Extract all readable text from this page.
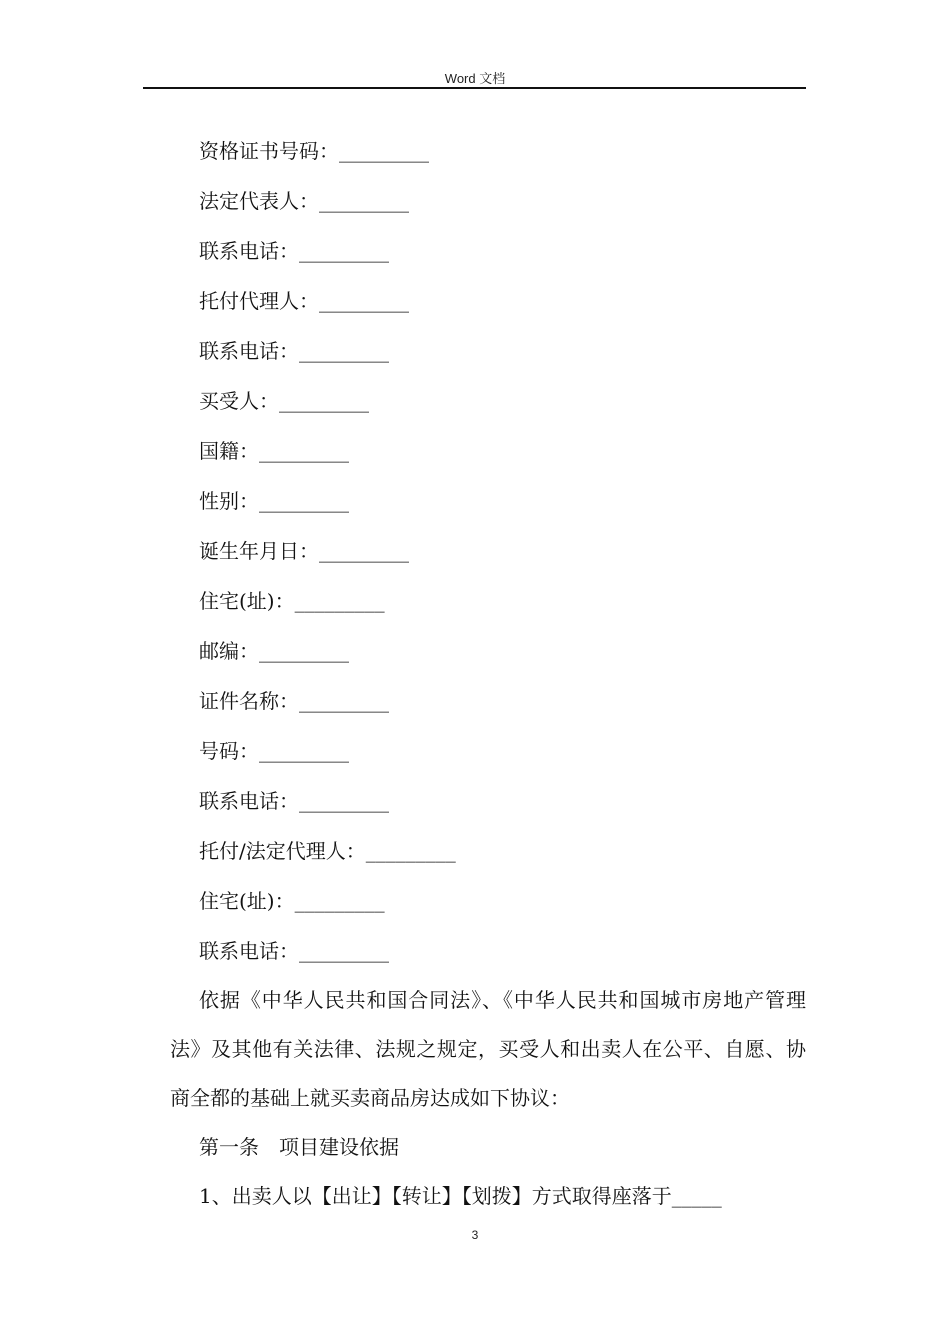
Word 文档

资格证书号码：_________

法定代表人：_________

联系电话：_________

托付代理人：_________

联系电话：_________

买受人：_________

国籍：_________

性别：_________

诞生年月日：_________

住宅(址)：_________

邮编：_________

证件名称：_________

号码：_________

联系电话：_________

托付/法定代理人：_________

住宅(址)：_________

联系电话：_________

依据《中华人民共和国合同法》、《中华人民共和国城市房地产管理法》及其他有关法律、法规之规定，买受人和出卖人在公平、自愿、协商全都的基础上就买卖商品房达成如下协议：

第一条　项目建设依据

1、出卖人以【出让】【转让】【划拨】方式取得座落于_____

3
